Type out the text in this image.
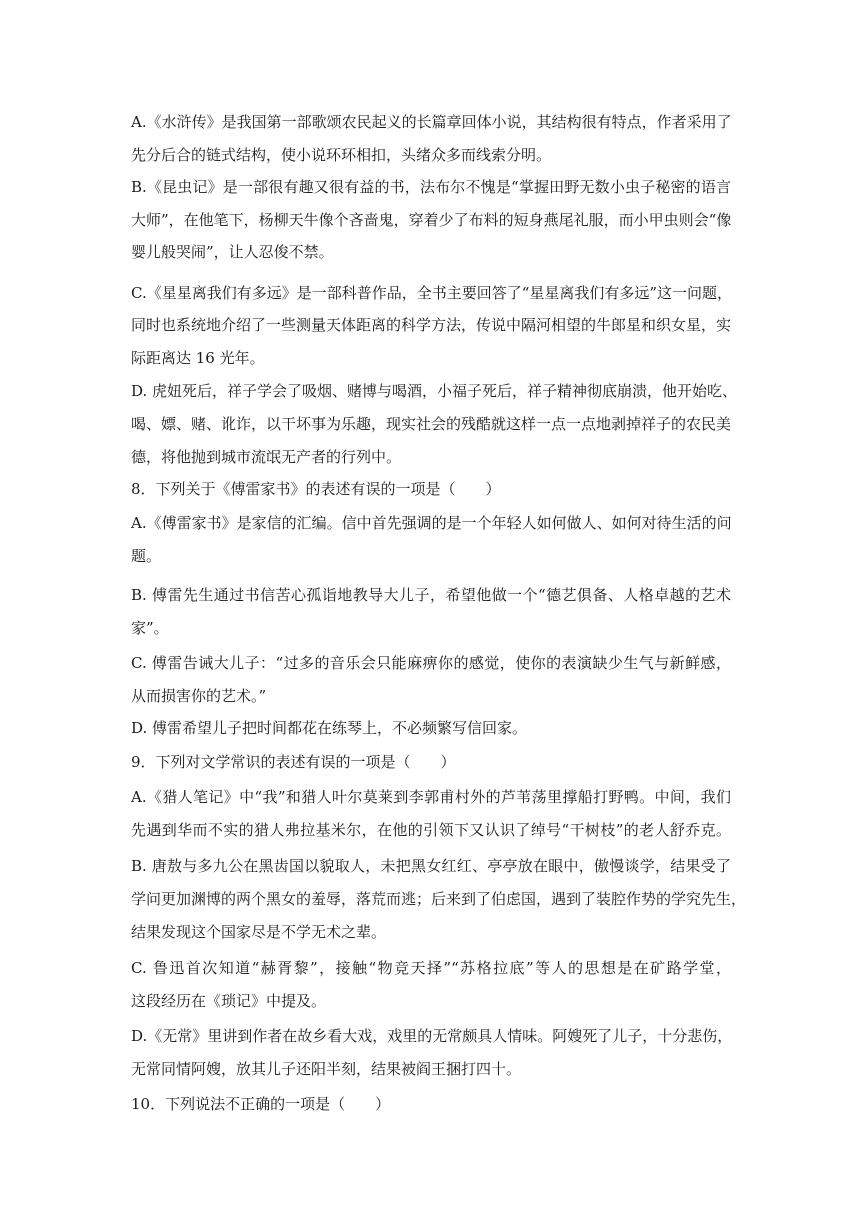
A.《水浒传》是我国第一部歌颂农民起义的长篇章回体小说，其结构很有特点，作者采用了
先分后合的链式结构，使小说环环相扣，头绪众多而线索分明。
B.《昆虫记》是一部很有趣又很有益的书，法布尔不愧是“掌握田野无数小虫子秘密的语言
大师”，在他笔下，杨柳天牛像个吝啬鬼，穿着少了布料的短身燕尾礼服，而小甲虫则会“像
婴儿般哭闹”，让人忍俊不禁。
C.《星星离我们有多远》是一部科普作品，全书主要回答了“星星离我们有多远”这一问题，
同时也系统地介绍了一些测量天体距离的科学方法，传说中隔河相望的牛郎星和织女星，实
际距离达 16 光年。
D. 虎妞死后，祥子学会了吸烟、赌博与喝酒，小福子死后，祥子精神彻底崩溃，他开始吃、
喝、嫖、赌、讹诈，以干坏事为乐趣，现实社会的残酷就这样一点一点地剥掉祥子的农民美
德，将他抛到城市流氓无产者的行列中。
8．下列关于《傅雷家书》的表述有误的一项是（　　）
A.《傅雷家书》是家信的汇编。信中首先强调的是一个年轻人如何做人、如何对待生活的问
题。
B. 傅雷先生通过书信苦心孤诣地教导大儿子，希望他做一个“德艺俱备、人格卓越的艺术
家”。
C. 傅雷告诫大儿子：“过多的音乐会只能麻痹你的感觉，使你的表演缺少生气与新鲜感，
从而损害你的艺术。”
D. 傅雷希望儿子把时间都花在练琴上，不必频繁写信回家。
9．下列对文学常识的表述有误的一项是（　　）
A.《猎人笔记》中“我”和猎人叶尔莫莱到李郭甫村外的芦苇荡里撑船打野鸭。中间，我们
先遇到华而不实的猎人弗拉基米尔，在他的引领下又认识了绰号“干树枝”的老人舒乔克。
B. 唐敖与多九公在黑齿国以貌取人，未把黑女红红、亭亭放在眼中，傲慢谈学，结果受了
学问更加渊博的两个黑女的羞辱，落荒而逃；后来到了伯虑国，遇到了装腔作势的学究先生，
结果发现这个国家尽是不学无术之辈。
C. 鲁迅首次知道“赫胥黎”，接触“物竞天择”“苏格拉底”等人的思想是在矿路学堂，
这段经历在《琐记》中提及。
D.《无常》里讲到作者在故乡看大戏，戏里的无常颇具人情味。阿嫂死了儿子，十分悲伤，
无常同情阿嫂，放其儿子还阳半刻，结果被阎王捆打四十。
10．下列说法不正确的一项是（　　）
